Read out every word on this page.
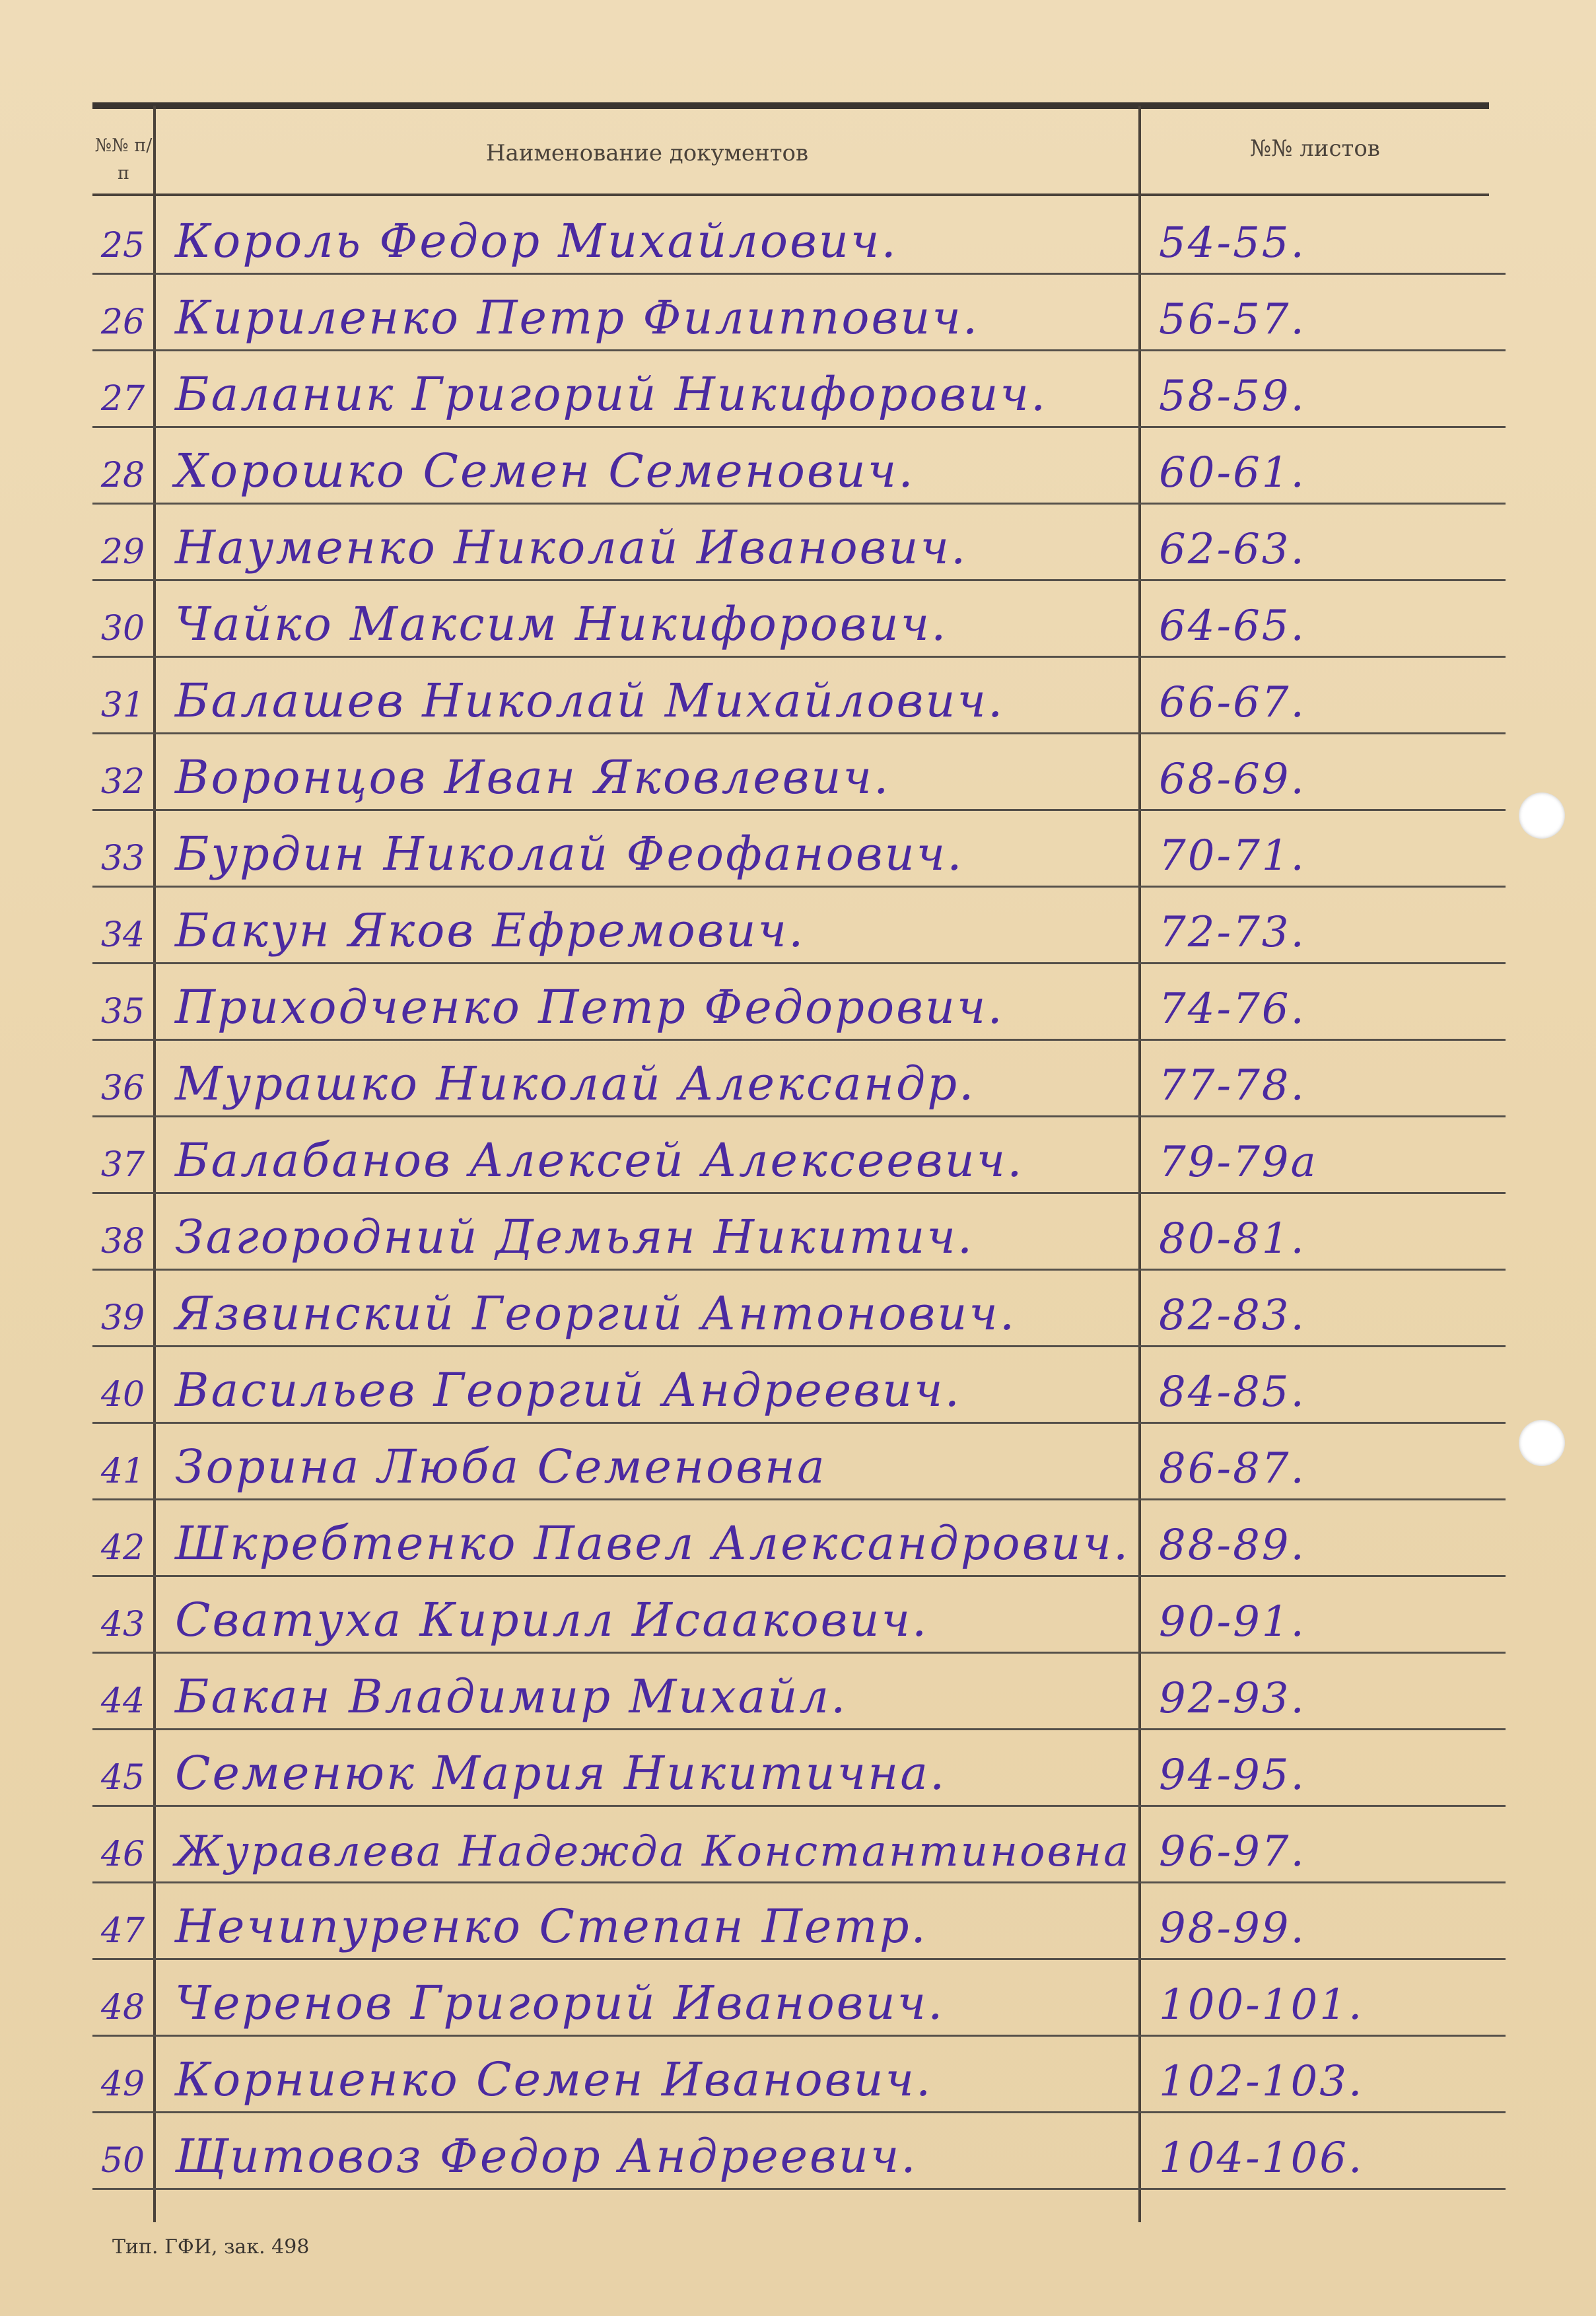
№№ п/п
Наименование документов	№№ листов
25 Король Федор Михайлович.	54-55.
26 Кириленко Петр Филиппович.	56-57.
27 Баланик Григорий Никифорович.	58-59.
28 Хорошко Семен Семенович.	60-61.
29 Науменко Николай Иванович.	62-63.
30 Чайко Максим Никифорович.	64-65.
31 Балашев Николай Михайлович.	66-67.
32 Воронцов Иван Яковлевич.	68-69.
33 Бурдин Николай Феофанович.	70-71.
34 Бакун Яков Ефремович.	72-73.
35 Приходченко Петр Федорович.	74-76.
36 Мурашко Николай Александр.	77-78.
37 Балабанов Алексей Алексеевич.	79-79а
38 Загородний Демьян Никитич.	80-81.
39 Язвинский Георгий Антонович.	82-83.
40 Васильев Георгий Андреевич.	84-85.
41 Зорина Люба Семеновна	86-87.
42 Шкребтенко Павел Александрович. 88-89.
43 Сватуха Кирилл Исаакович.	90-91.
44 Бакан Владимир Михайл.	92-93.
45 Семенюк Мария Никитична.	94-95.
46 Журавлева Надежда Константиновна 96-97.
47 Нечипуренко Степан Петр.	98-99.
48 Черенов Григорий Иванович.	100-101.
49 Корниенко Семен Иванович.	102-103.
50 Щитовоз Федор Андреевич.	104-106.
Тип. ГФИ, зак. 498
